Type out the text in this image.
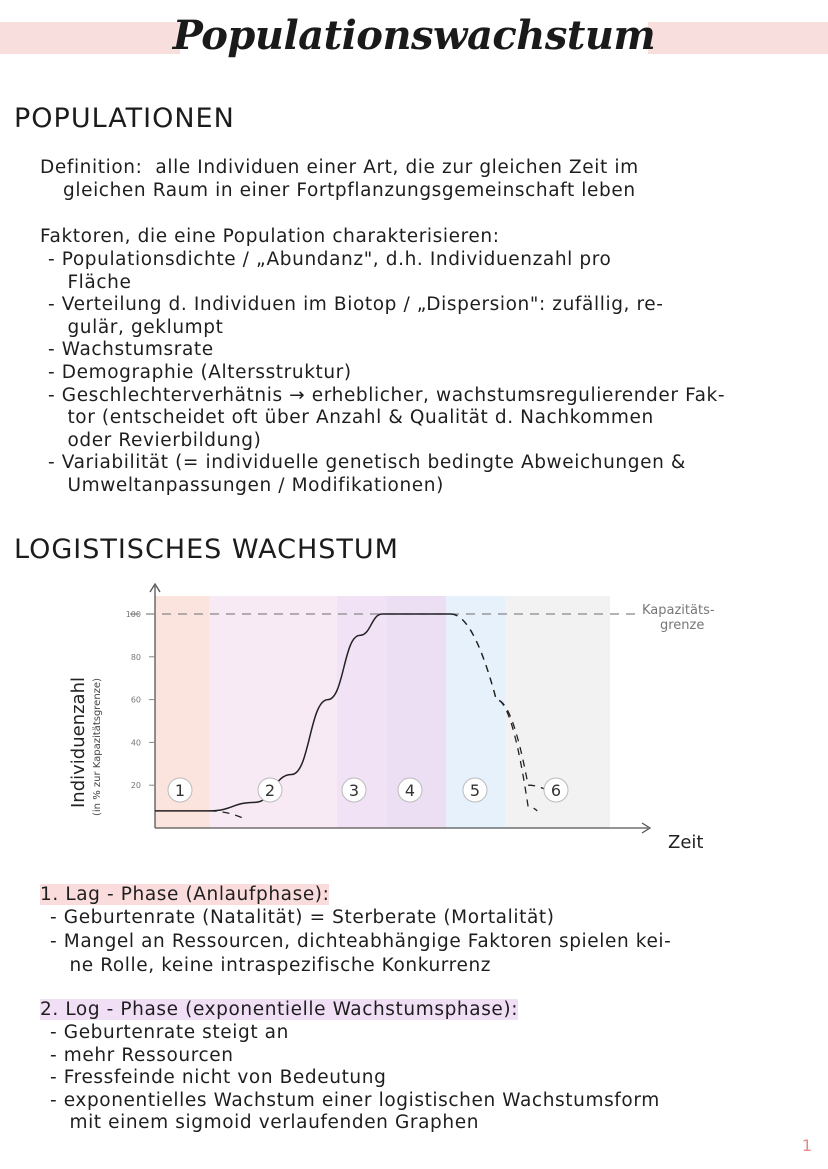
Populationswachstum
POPULATIONEN
Definition: alle Individuen einer Art, die zur gleichen Zeit im
gleichen Raum in einer Fortpflanzungsgemeinschaft leben
Faktoren, die eine Population charakterisieren:
- Populationsdichte / „Abundanz", d.h. Individuenzahl pro
Fläche
- Verteilung d. Individuen im Biotop / „Dispersion": zufällig, re-
gulär, geklumpt
- Wachstumsrate
- Demographie (Altersstruktur)
- Geschlechterverhätnis → erheblicher, wachstumsregulierender Fak-
tor (entscheidet oft über Anzahl & Qualität d. Nachkommen
oder Revierbildung)
- Variabilität (= individuelle genetisch bedingte Abweichungen &
Umweltanpassungen / Modifikationen)
LOGISTISCHES WACHSTUM
20
40
60
80
100
1	2	3	4	5	6
Individuenzahl (in % zur Kapazitätsgrenze)
Zeit
Kapazitäts-
grenze
1. Lag - Phase (Anlaufphase):
- Geburtenrate (Natalität) = Sterberate (Mortalität)
- Mangel an Ressourcen, dichteabhängige Faktoren spielen kei-
ne Rolle, keine intraspezifische Konkurrenz
2. Log - Phase (exponentielle Wachstumsphase):
- Geburtenrate steigt an
- mehr Ressourcen
- Fressfeinde nicht von Bedeutung
- exponentielles Wachstum einer logistischen Wachstumsform
mit einem sigmoid verlaufenden Graphen
1
